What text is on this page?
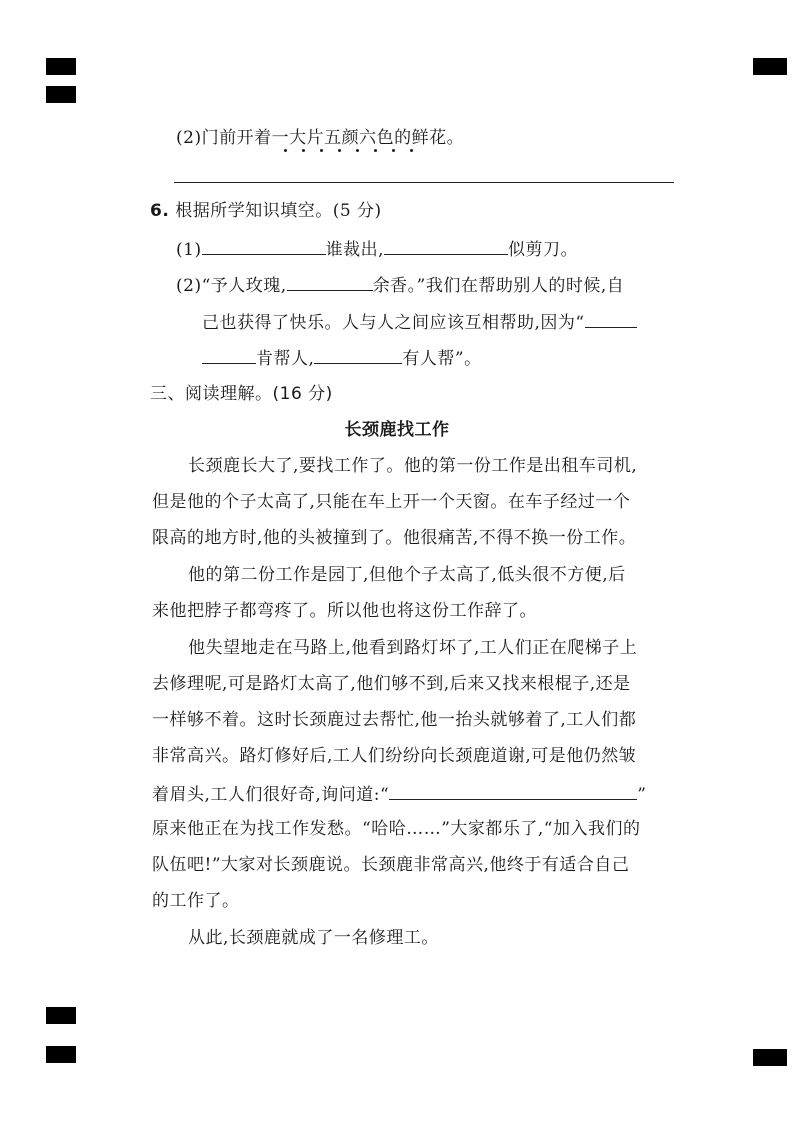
(2)门前开着一大片五颜六色的鲜花。
6. 根据所学知识填空。(5 分)
(1)	谁裁出,	似剪刀。
(2)“予人玫瑰,	余香。”我们在帮助别人的时候,自
己也获得了快乐。人与人之间应该互相帮助,因为“
肯帮人,	有人帮”。
三、阅读理解。(16 分)
长颈鹿找工作
长颈鹿长大了,要找工作了。他的第一份工作是出租车司机,
但是他的个子太高了,只能在车上开一个天窗。在车子经过一个
限高的地方时,他的头被撞到了。他很痛苦,不得不换一份工作。
他的第二份工作是园丁,但他个子太高了,低头很不方便,后
来他把脖子都弯疼了。所以他也将这份工作辞了。
他失望地走在马路上,他看到路灯坏了,工人们正在爬梯子上
去修理呢,可是路灯太高了,他们够不到,后来又找来根棍子,还是
一样够不着。这时长颈鹿过去帮忙,他一抬头就够着了,工人们都
非常高兴。路灯修好后,工人们纷纷向长颈鹿道谢,可是他仍然皱
着眉头,工人们很好奇,询问道:“	”
原来他正在为找工作发愁。“哈哈……”大家都乐了,“加入我们的
队伍吧!”大家对长颈鹿说。长颈鹿非常高兴,他终于有适合自己
的工作了。
从此,长颈鹿就成了一名修理工。
